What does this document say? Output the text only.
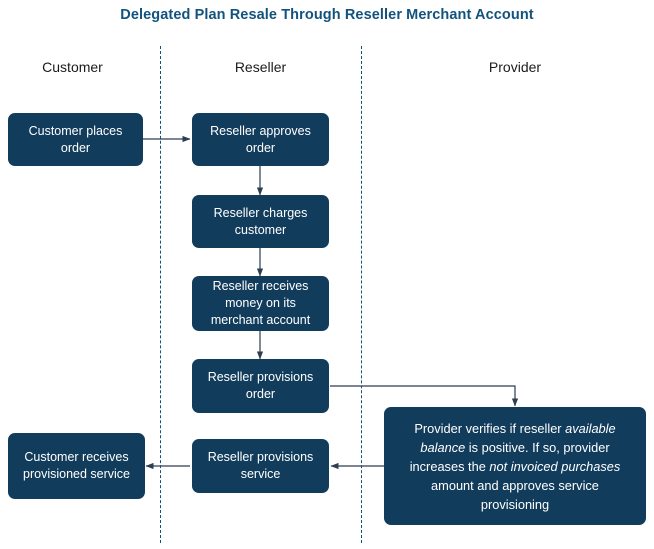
Delegated Plan Resale Through Reseller Merchant Account
Customer	Reseller	Provider
Customer places order
Reseller approves order
Reseller charges customer
Reseller receives money on its merchant account
Reseller provisions order
Provider verifies if reseller available balance is positive. If so, provider increases the not invoiced purchases amount and approves service provisioning
Reseller provisions service
Customer receives provisioned service
